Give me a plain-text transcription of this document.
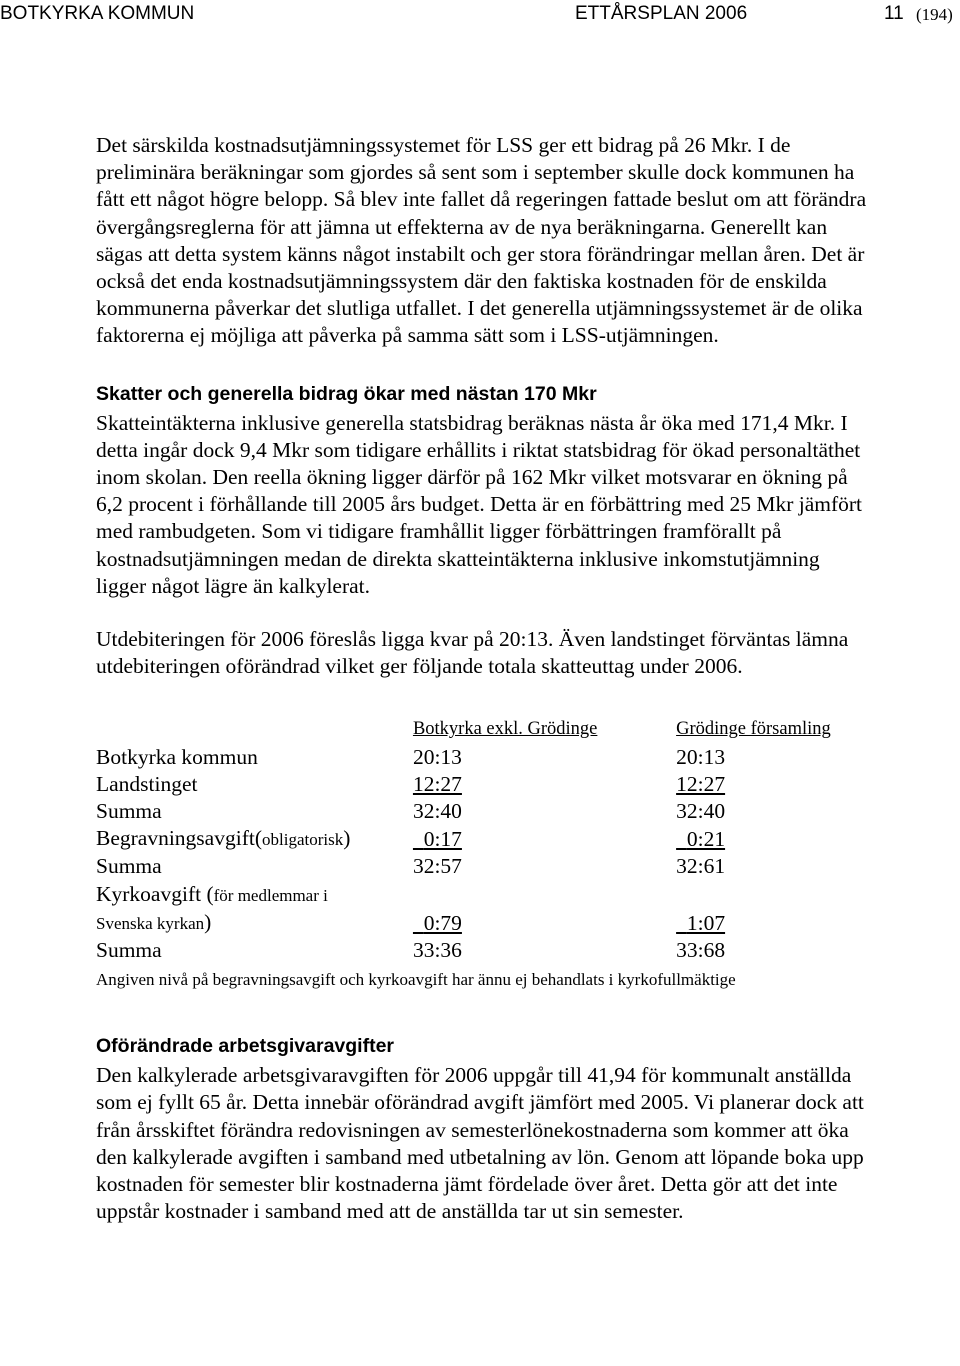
BOTKYRKA KOMMUN	ETTÅRSPLAN 2006	11 (194)

Det särskilda kostnadsutjämningssystemet för LSS ger ett bidrag på 26 Mkr. I de preliminära beräkningar som gjordes så sent som i september skulle dock kommunen ha fått ett något högre belopp. Så blev inte fallet då regeringen fattade beslut om att förändra övergångsreglerna för att jämna ut effekterna av de nya beräkningarna. Generellt kan sägas att detta system känns något instabilt och ger stora förändringar mellan åren. Det är också det enda kostnadsutjämningssystem där den faktiska kostnaden för de enskilda kommunerna påverkar det slutliga utfallet. I det generella utjämningssystemet är de olika faktorerna ej möjliga att påverka på samma sätt som i LSS-utjämningen.

Skatter och generella bidrag ökar med nästan 170 Mkr

Skatteintäkterna inklusive generella statsbidrag beräknas nästa år öka med 171,4 Mkr. I detta ingår dock 9,4 Mkr som tidigare erhållits i riktat statsbidrag för ökad personaltäthet inom skolan. Den reella ökning ligger därför på 162 Mkr vilket motsvarar en ökning på 6,2 procent i förhållande till 2005 års budget. Detta är en förbättring med 25 Mkr jämfört med rambudgeten. Som vi tidigare framhållit ligger förbättringen framförallt på kostnadsutjämningen medan de direkta skatteintäkterna inklusive inkomstutjämning ligger något lägre än kalkylerat.

Utdebiteringen för 2006 föreslås ligga kvar på 20:13. Även landstinget förväntas lämna utdebiteringen oförändrad vilket ger följande totala skatteuttag under 2006.

	Botkyrka exkl. Grödinge	Grödinge församling
Botkyrka kommun	20:13	20:13
Landstinget	12:27	12:27
Summa	32:40	32:40
Begravningsavgift(obligatorisk)	0:17	0:21
Summa	32:57	32:61
Kyrkoavgift (för medlemmar i		
Svenska kyrkan)	0:79	1:07
Summa	33:36	33:68

Angiven nivå på begravningsavgift och kyrkoavgift har ännu ej behandlats i kyrkofullmäktige

Oförändrade arbetsgivaravgifter

Den kalkylerade arbetsgivaravgiften för 2006 uppgår till 41,94 för kommunalt anställda som ej fyllt 65 år. Detta innebär oförändrad avgift jämfört med 2005. Vi planerar dock att från årsskiftet förändra redovisningen av semesterlönekostnaderna som kommer att öka den kalkylerade avgiften i samband med utbetalning av lön. Genom att löpande boka upp kostnaden för semester blir kostnaderna jämt fördelade över året. Detta gör att det inte uppstår kostnader i samband med att de anställda tar ut sin semester.
